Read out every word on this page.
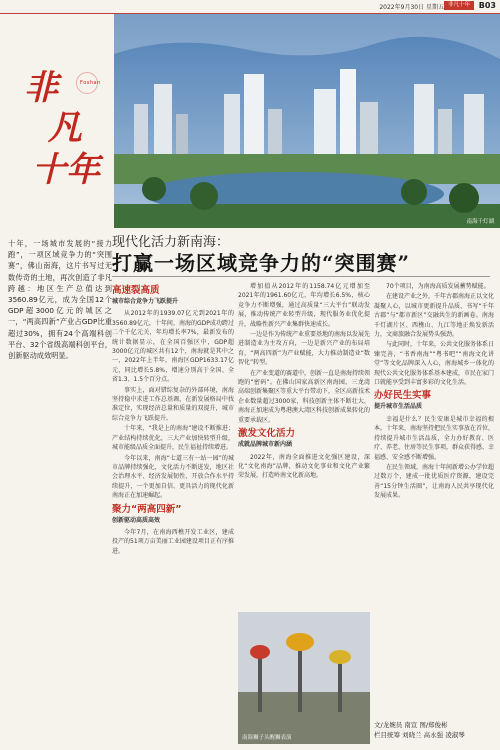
2022年9月30日 星期五 非凡十年	B03
非
凡
十年
Foshan

十年，一场城市发展的“接力跑”，一项区域竞争力的“突围赛”，佛山南海，这片书写过无数传奇的土地，再次创造了非凡跨越：地区生产总值达到3560.89亿元，成为全国12个GDP超3000亿元的城区之一，“两高四新”产业占GDP比重超过30%，拥有24个高端科创平台、32个省级高端科创平台，创新驱动成效明显。

南海千灯湖
现代化活力新南海：
打赢一场区域竞争力的“突围赛”
高速裂高质
城市综合竞争力飞跃提升
从2012年的1939.07亿元到2021年的3560.89亿元，十年间，南海的GDP成功跨过二个千亿元关，年均增长率7%，最新发布的统计数据显示，在全国百强区中，GDP超3000亿元的城区共有12个，南海就是其中之一，2022年上半年，南海区GDP1633.17亿元，同比增长5.8%，增速分别高于全国、全省1.3、1.5个百分点。
事实上，面对错综复杂的外部环境，南海坚持稳中求进工作总基调，在新发展格局中找准定位，实现经济总量和质量的双提升，城市综合竞争力飞跃提升。
十年来，“我是上的南海”建设不断推进；产业结构持续优化，三大产业加快转型升级，城市能级品质全面提升，民生福祉持续增进。
今年以来，南海“七道三有一站一园”的城市品牌持续强化，文化活力不断迸发，地区社会治理水平、经济发展韧性、开放合作水平持续提升，一个更加自信、更具活力的现代化新南海正在加速崛起。
聚力“两高四新”
创新驱动高质高效
今年7月，在南海西樵开发工业区，建成投产的51项万亩美丽工业园建设项目正有序推进。
增加值从2012年的1158.74亿元增加至2021年的1961.60亿元，年均增长6.5%，核心竞争力不断增强，通过高质量“三大平台”联动发展，推动传统产业转型升级，现代服务业优化提升，战略性新兴产业集群快速成长。
一边是作为传统产业重要基地的南海以发展先进制造业为主攻方向，一边是新兴产业的布局培育，“两高四新”为产业赋能，大力推动制造业“数智化”转型。
在产业变道的赛道中，创新一直是南海持续领跑的“密码”。在佛山国家高新区南海园、三龙湾高端创新集聚区等重大平台带动下，全区高新技术企业数量超过3000家，科技创新主体不断壮大，南海正加速成为粤港澳大湾区科技创新成果转化的重要承载区。
激发文化活力
成就品牌城市新内涵
2022年，南海全面推进文化强区建设，深化“文化南海”品牌，推动文化事业和文化产业繁荣发展，打造岭南文化新高地。
70个项目，为南海高质发展蓄势赋能。
在建设产业之外，千年古郡南海正以文化凝聚人心，以城市更新提升品质，书写“千年古郡”与“都市新区”交融共生的新画卷。南海千灯湖片区、西樵山、九江等地正焕发新活力，文商旅融合发展势头强劲。
与此同时，十年来，公共文化服务体系日臻完善，“书香南海”“粤书吧”“南海文化讲堂”等文化品牌深入人心，南海城乡一体化的现代公共文化服务体系基本建成，市民在家门口就能享受到丰富多彩的文化生活。
办好民生实事
提升城市生活品质
幸福是什么？民生安康是城市幸福的根本。十年来，南海坚持把民生实事放在首位，持续提升城市生活品质，全力办好教育、医疗、养老、住房等民生事项，群众获得感、幸福感、安全感不断增强。
在民生领域，南海十年间新增公办学位超过数万个，建成一批优质医疗资源，建设完善“15分钟生活圈”，让南海人民共享现代化发展成果。
南海狮子头醒狮表演
文/龙婉员 南宣 图/郑俊彬
栏目统筹 刘晓兰 高永强 凌淑琴
